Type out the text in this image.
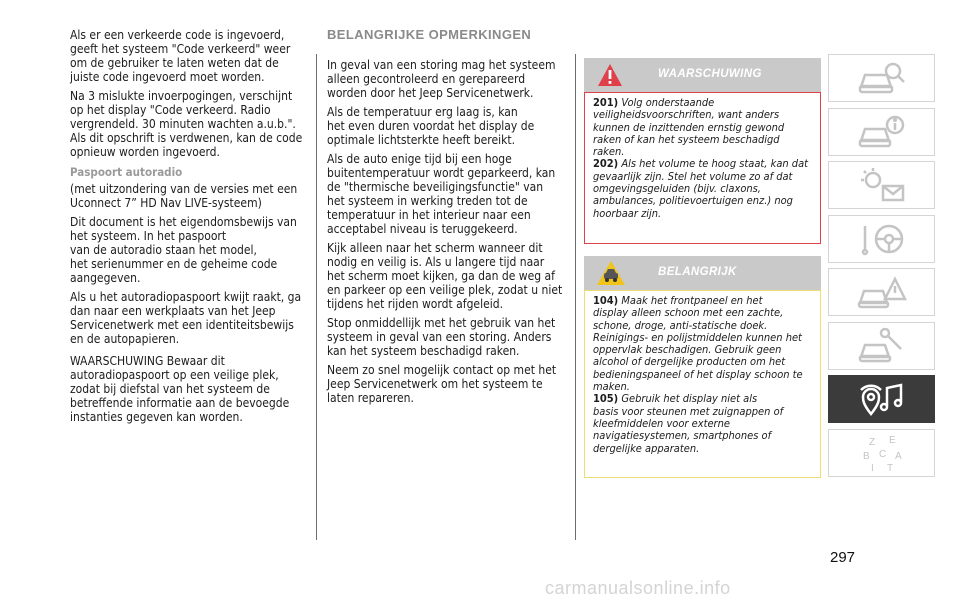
Als er een verkeerde code is ingevoerd, geeft het systeem "Code verkeerd" weer om de gebruiker te laten weten dat de juiste code ingevoerd moet worden.

Na 3 mislukte invoerpogingen, verschijnt op het display "Code verkeerd. Radio vergrendeld. 30 minuten wachten a.u.b.". Als dit opschrift is verdwenen, kan de code opnieuw worden ingevoerd.

Paspoort autoradio

(met uitzondering van de versies met een Uconnect 7” HD Nav LIVE-systeem)

Dit document is het eigendomsbewijs van het systeem. In het paspoort
van de autoradio staan het model,
het serienummer en de geheime code aangegeven.

Als u het autoradiopaspoort kwijt raakt, ga dan naar een werkplaats van het Jeep Servicenetwerk met een identiteitsbewijs en de autopapieren.

WAARSCHUWING Bewaar dit autoradiopaspoort op een veilige plek, zodat bij diefstal van het systeem de betreffende informatie aan de bevoegde instanties gegeven kan worden.

BELANGRIJKE OPMERKINGEN

In geval van een storing mag het systeem alleen gecontroleerd en gerepareerd worden door het Jeep Servicenetwerk.

Als de temperatuur erg laag is, kan
het even duren voordat het display de optimale lichtsterkte heeft bereikt.

Als de auto enige tijd bij een hoge buitentemperatuur wordt geparkeerd, kan de "thermische beveiligingsfunctie" van het systeem in werking treden tot de temperatuur in het interieur naar een acceptabel niveau is teruggekeerd.

Kijk alleen naar het scherm wanneer dit nodig en veilig is. Als u langere tijd naar het scherm moet kijken, ga dan de weg af en parkeer op een veilige plek, zodat u niet tijdens het rijden wordt afgeleid.

Stop onmiddellijk met het gebruik van het systeem in geval van een storing. Anders kan het systeem beschadigd raken.

Neem zo snel mogelijk contact op met het Jeep Servicenetwerk om het systeem te laten repareren.

WAARSCHUWING

201) Volg onderstaande
veiligheidsvoorschriften, want anders kunnen de inzittenden ernstig gewond raken of kan het systeem beschadigd raken.

202) Als het volume te hoog staat, kan dat gevaarlijk zijn. Stel het volume zo af dat omgevingsgeluiden (bijv. claxons, ambulances, politievoertuigen enz.) nog hoorbaar zijn.

BELANGRIJK

104) Maak het frontpaneel en het
display alleen schoon met een zachte, schone, droge, anti-statische doek. Reinigings- en polijstmiddelen kunnen het oppervlak beschadigen. Gebruik geen alcohol of dergelijke producten om het bedieningspaneel of het display schoon te maken.

105) Gebruik het display niet als
basis voor steunen met zuignappen of kleefmiddelen voor externe navigatiesystemen, smartphones of dergelijke apparaten.	Z E
B C A
I T
297
carmanualsonline.info
